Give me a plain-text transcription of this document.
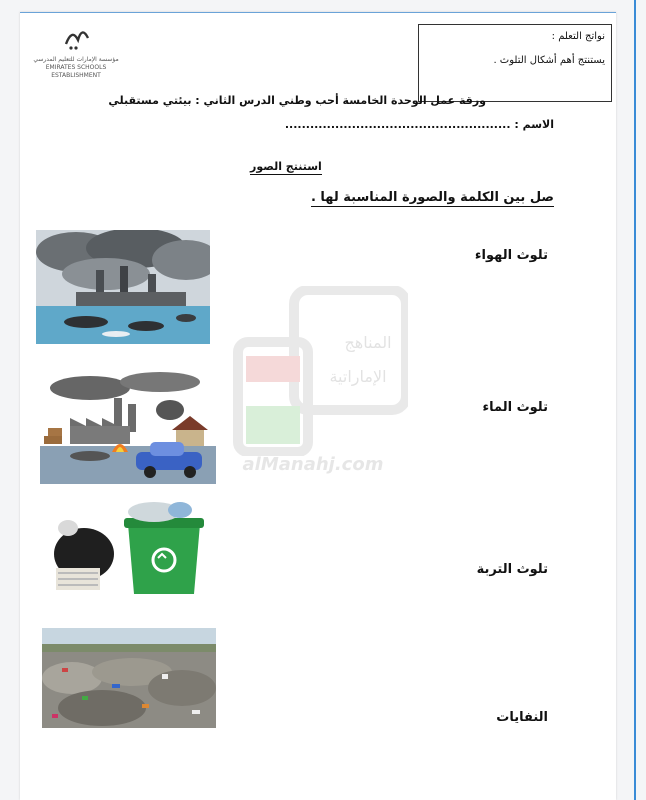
مؤسسة الإمارات للتعليم المدرسي
EMIRATES SCHOOLS ESTABLISHMENT
نواتج التعلم :
يستنتج أهم أشكال التلوث .
ورقة عمل الوحدة الخامسة أحب وطني الدرس الثاني : بيئتي مستقبلي
الاسم : ......................................................
استنتج الصور
صل بين الكلمة والصورة المناسبة لها .
تلوث الهواء
تلوث الماء
تلوث التربة
النفايات
المناهج
الإماراتية
alManahj.com
